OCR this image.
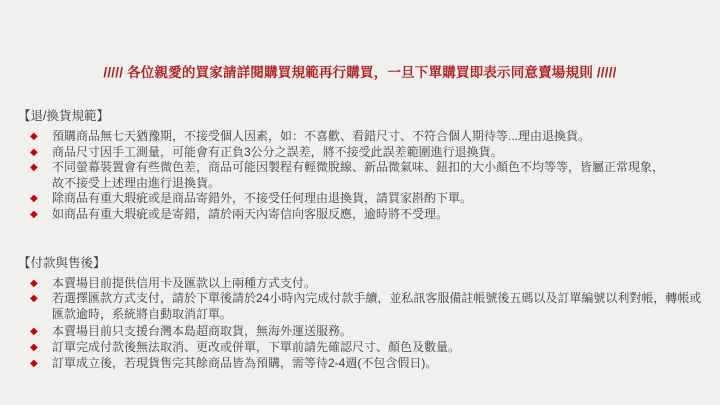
///// 各位親愛的買家請詳閱購買規範再行購買，一旦下單購買即表示同意賣場規則 /////
【退/換貨規範】
◆	預購商品無七天猶豫期，不接受個人因素，如：不喜歡、看錯尺寸、不符合個人期待等...理由退換貨。
◆	商品尺寸因手工測量，可能會有正負3公分之誤差，將不接受此誤差範圍進行退換貨。
◆	不同螢幕裝置會有些微色差，商品可能因製程有輕微脫線、新品微氣味、鈕扣的大小顏色不均等等，皆屬正常現象，
故不接受上述理由進行退換貨。
◆	除商品有重大瑕疵或是商品寄錯外，不接受任何理由退換貨，請買家斟酌下單。
◆	如商品有重大瑕疵或是寄錯，請於兩天內寄信向客服反應，逾時將不受理。
【付款與售後】
◆	本賣場目前提供信用卡及匯款以上兩種方式支付。
◆	若選擇匯款方式支付，請於下單後請於24小時內完成付款手續，並私訊客服備註帳號後五碼以及訂單編號以利對帳，轉帳或
匯款逾時，系統將自動取消訂單。
◆	本賣場目前只支援台灣本島超商取貨，無海外運送服務。
◆	訂單完成付款後無法取消、更改或併單，下單前請先確認尺寸、顏色及數量。
◆	訂單成立後，若現貨售完其餘商品皆為預購，需等待2-4週(不包含假日)。
